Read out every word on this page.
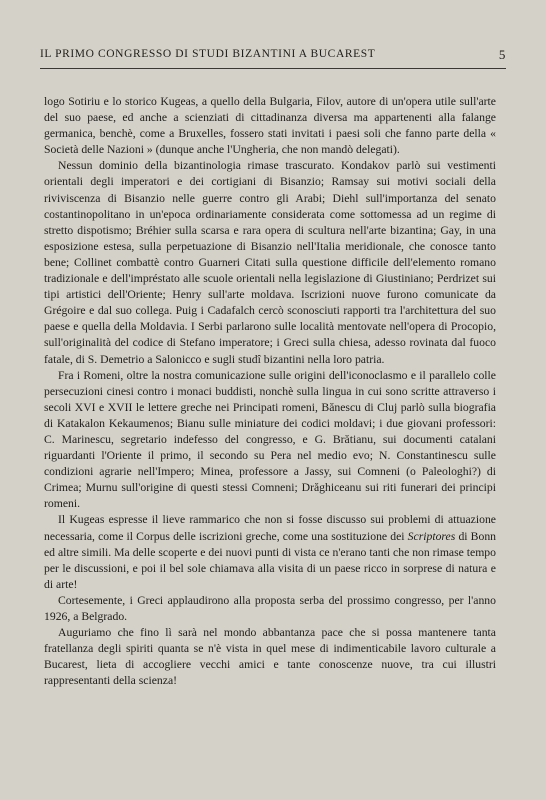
IL PRIMO CONGRESSO DI STUDI BIZANTINI A BUCAREST	5

logo Sotiriu e lo storico Kugeas, a quello della Bulgaria, Filov, autore di un'opera utile sull'arte del suo paese, ed anche a scienziati di cittadinanza diversa ma appartenenti alla falange germanica, benchè, come a Bruxelles, fossero stati invitati i paesi soli che fanno parte della « Società delle Nazioni » (dunque anche l'Ungheria, che non mandò delegati).

Nessun dominio della bizantinologia rimase trascurato. Kondakov parlò sui vestimenti orientali degli imperatori e dei cortigiani di Bisanzio; Ramsay sui motivi sociali della riviviscenza di Bisanzio nelle guerre contro gli Arabi; Diehl sull'importanza del senato costantinopolitano in un'epoca ordinariamente considerata come sottomessa ad un regime di stretto dispotismo; Bréhier sulla scarsa e rara opera di scultura nell'arte bizantina; Gay, in una esposizione estesa, sulla perpetuazione di Bisanzio nell'Italia meridionale, che conosce tanto bene; Collinet combattè contro Guarneri Citati sulla questione difficile dell'elemento romano tradizionale e dell'impréstato alle scuole orientali nella legislazione di Giustiniano; Perdrizet sui tipi artistici dell'Oriente; Henry sull'arte moldava. Iscrizioni nuove furono comunicate da Grégoire e dal suo collega. Puig i Cadafalch cercò sconosciuti rapporti tra l'architettura del suo paese e quella della Moldavia. I Serbi parlarono sulle località mentovate nell'opera di Procopio, sull'originalità del codice di Stefano imperatore; i Greci sulla chiesa, adesso rovinata dal fuoco fatale, di S. Demetrio a Salonicco e sugli studî bizantini nella loro patria.

Fra i Romeni, oltre la nostra comunicazione sulle origini dell'iconoclasmo e il parallelo colle persecuzioni cinesi contro i monaci buddisti, nonchè sulla lingua in cui sono scritte attraverso i secoli XVI e XVII le lettere greche nei Principati romeni, Bănescu di Cluj parlò sulla biografia di Katakalon Kekaumenos; Bianu sulle miniature dei codici moldavi; i due giovani professori: C. Marinescu, segretario indefesso del congresso, e G. Brătianu, sui documenti catalani riguardanti l'Oriente il primo, il secondo su Pera nel medio evo; N. Constantinescu sulle condizioni agrarie nell'Impero; Minea, professore a Jassy, sui Comneni (o Paleologhi?) di Crimea; Murnu sull'origine di questi stessi Comneni; Drăghiceanu sui riti funerari dei principi romeni.

Il Kugeas espresse il lieve rammarico che non si fosse discusso sui problemi di attuazione necessaria, come il Corpus delle iscrizioni greche, come una sostituzione dei Scriptores di Bonn ed altre simili. Ma delle scoperte e dei nuovi punti di vista ce n'erano tanti che non rimase tempo per le discussioni, e poi il bel sole chiamava alla visita di un paese ricco in sorprese di natura e di arte!

Cortesemente, i Greci applaudirono alla proposta serba del prossimo congresso, per l'anno 1926, a Belgrado.

Auguriamo che fino lì sarà nel mondo abbantanza pace che si possa mantenere tanta fratellanza degli spiriti quanta se n'è vista in quel mese di indimenticabile lavoro culturale a Bucarest, lieta di accogliere vecchi amici e tante conoscenze nuove, tra cui illustri rappresentanti della scienza!
